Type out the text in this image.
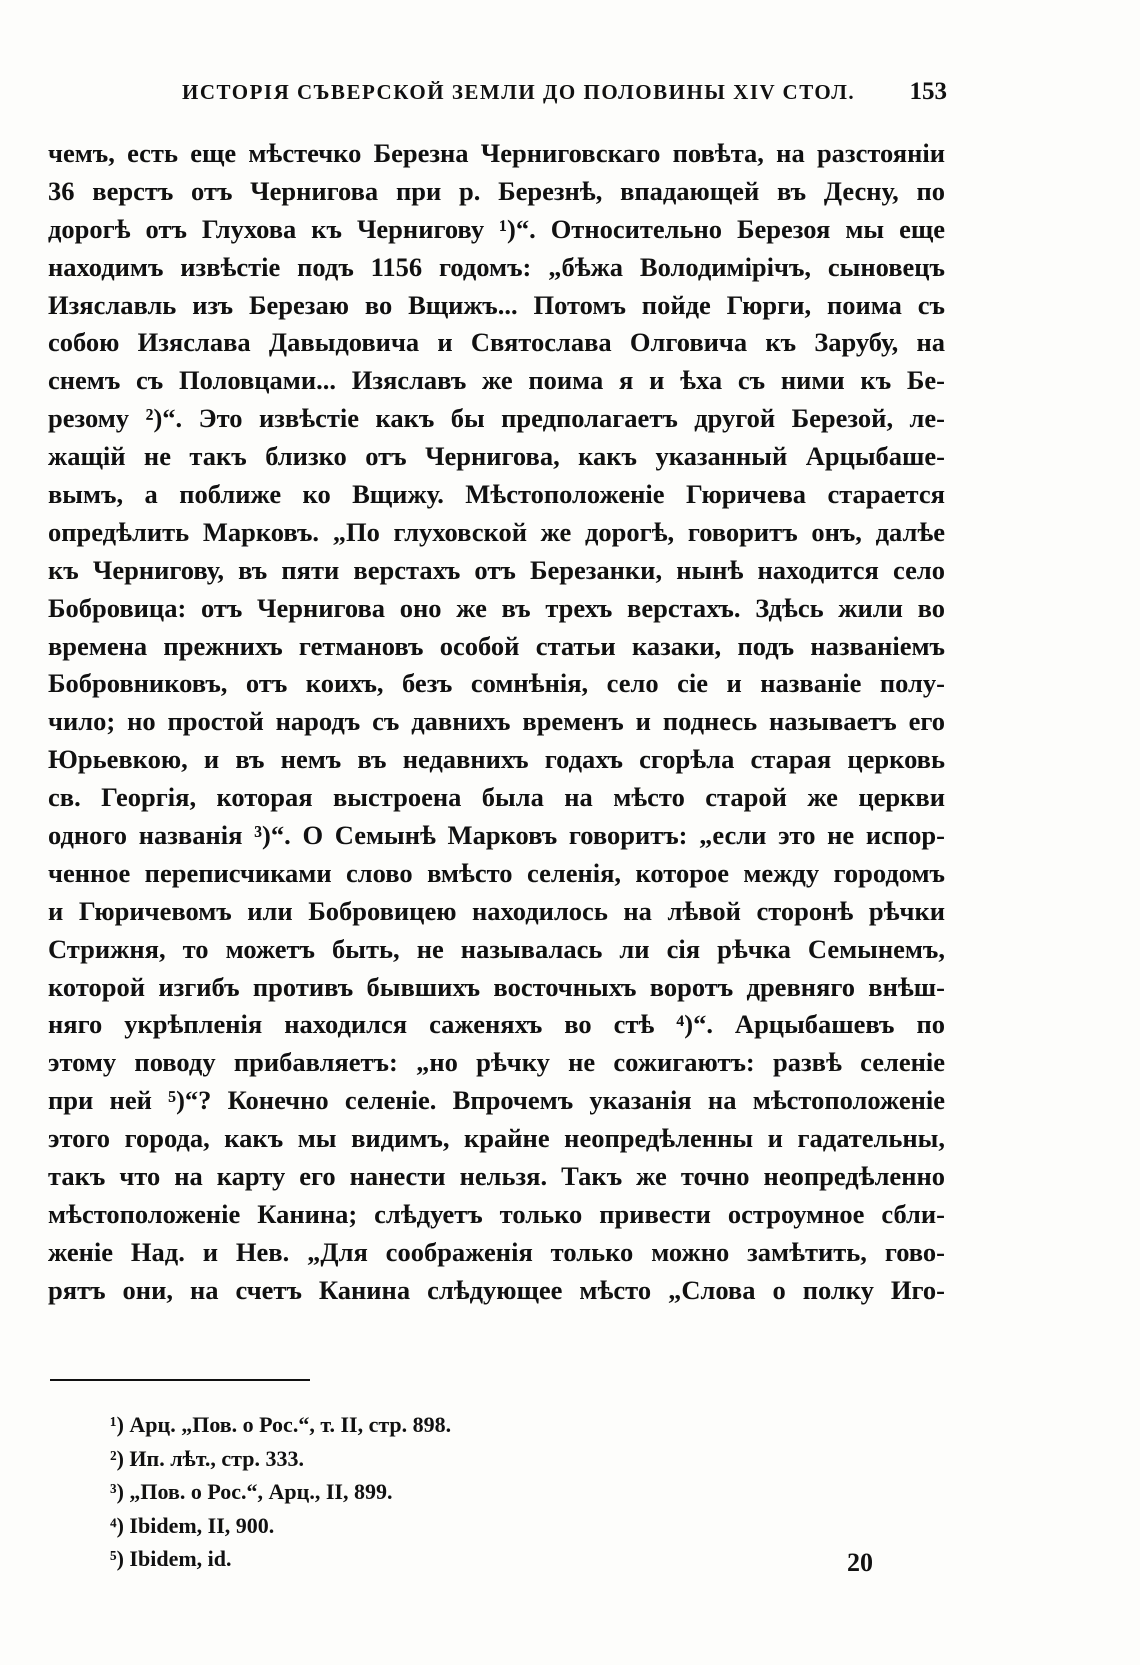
ИСТОРІЯ СЪВЕРСКОЙ ЗЕМЛИ ДО ПОЛОВИНЫ XIV СТОЛ. 153
чемъ, есть еще мѣстечко Березна Черниговскаго повѣта, на разстояніи
36 верстъ отъ Чернигова при р. Березнѣ, впадающей въ Десну, по
дорогѣ отъ Глухова къ Чернигову ¹)“. Относительно Березоя мы еще
находимъ извѣстіе подъ 1156 годомъ: „бѣжа Володимірічъ, сыновецъ
Изяславль изъ Березаю во Вщижъ... Потомъ пойде Гюрги, поима съ
собою Изяслава Давыдовича и Святослава Олговича къ Зарубу, на
снемъ съ Половцами... Изяславъ же поима я и ѣха съ ними къ Бе-
резому ²)“. Это извѣстіе какъ бы предполагаетъ другой Березой, ле-
жащій не такъ близко отъ Чернигова, какъ указанный Арцыбаше-
вымъ, а поближе ко Вщижу. Мѣстоположеніе Гюричева старается
опредѣлить Марковъ. „По глуховской же дорогѣ, говоритъ онъ, далѣе
къ Чернигову, въ пяти верстахъ отъ Березанки, нынѣ находится село
Бобровица: отъ Чернигова оно же въ трехъ верстахъ. Здѣсь жили во
времена прежнихъ гетмановъ особой статьи казаки, подъ названіемъ
Бобровниковъ, отъ коихъ, безъ сомнѣнія, село сіе и названіе полу-
чило; но простой народъ съ давнихъ временъ и поднесь называетъ его
Юрьевкою, и въ немъ въ недавнихъ годахъ сгорѣла старая церковь
св. Георгія, которая выстроена была на мѣсто старой же церкви
одного названія ³)“. О Семынѣ Марковъ говоритъ: „если это не испор-
ченное переписчиками слово вмѣсто селенія, которое между городомъ
и Гюричевомъ или Бобровицею находилось на лѣвой сторонѣ рѣчки
Стрижня, то можетъ быть, не называлась ли сія рѣчка Семынемъ,
которой изгибъ противъ бывшихъ восточныхъ воротъ древняго внѣш-
няго укрѣпленія находился саженяхъ во стѣ ⁴)“. Арцыбашевъ по
этому поводу прибавляетъ: „но рѣчку не сожигаютъ: развѣ селеніе
при ней ⁵)“? Конечно селеніе. Впрочемъ указанія на мѣстоположеніе
этого города, какъ мы видимъ, крайне неопредѣленны и гадательны,
такъ что на карту его нанести нельзя. Такъ же точно неопредѣленно
мѣстоположеніе Канина; слѣдуетъ только привести остроумное сбли-
женіе Над. и Нев. „Для соображенія только можно замѣтить, гово-
рятъ они, на счетъ Канина слѣдующее мѣсто „Слова о полку Иго-
¹) Арц. „Пов. о Рос.“, т. II, стр. 898.
²) Ип. лѣт., стр. 333.
³) „Пов. о Рос.“, Арц., II, 899.
⁴) Ibidem, II, 900.
⁵) Ibidem, id.	20
